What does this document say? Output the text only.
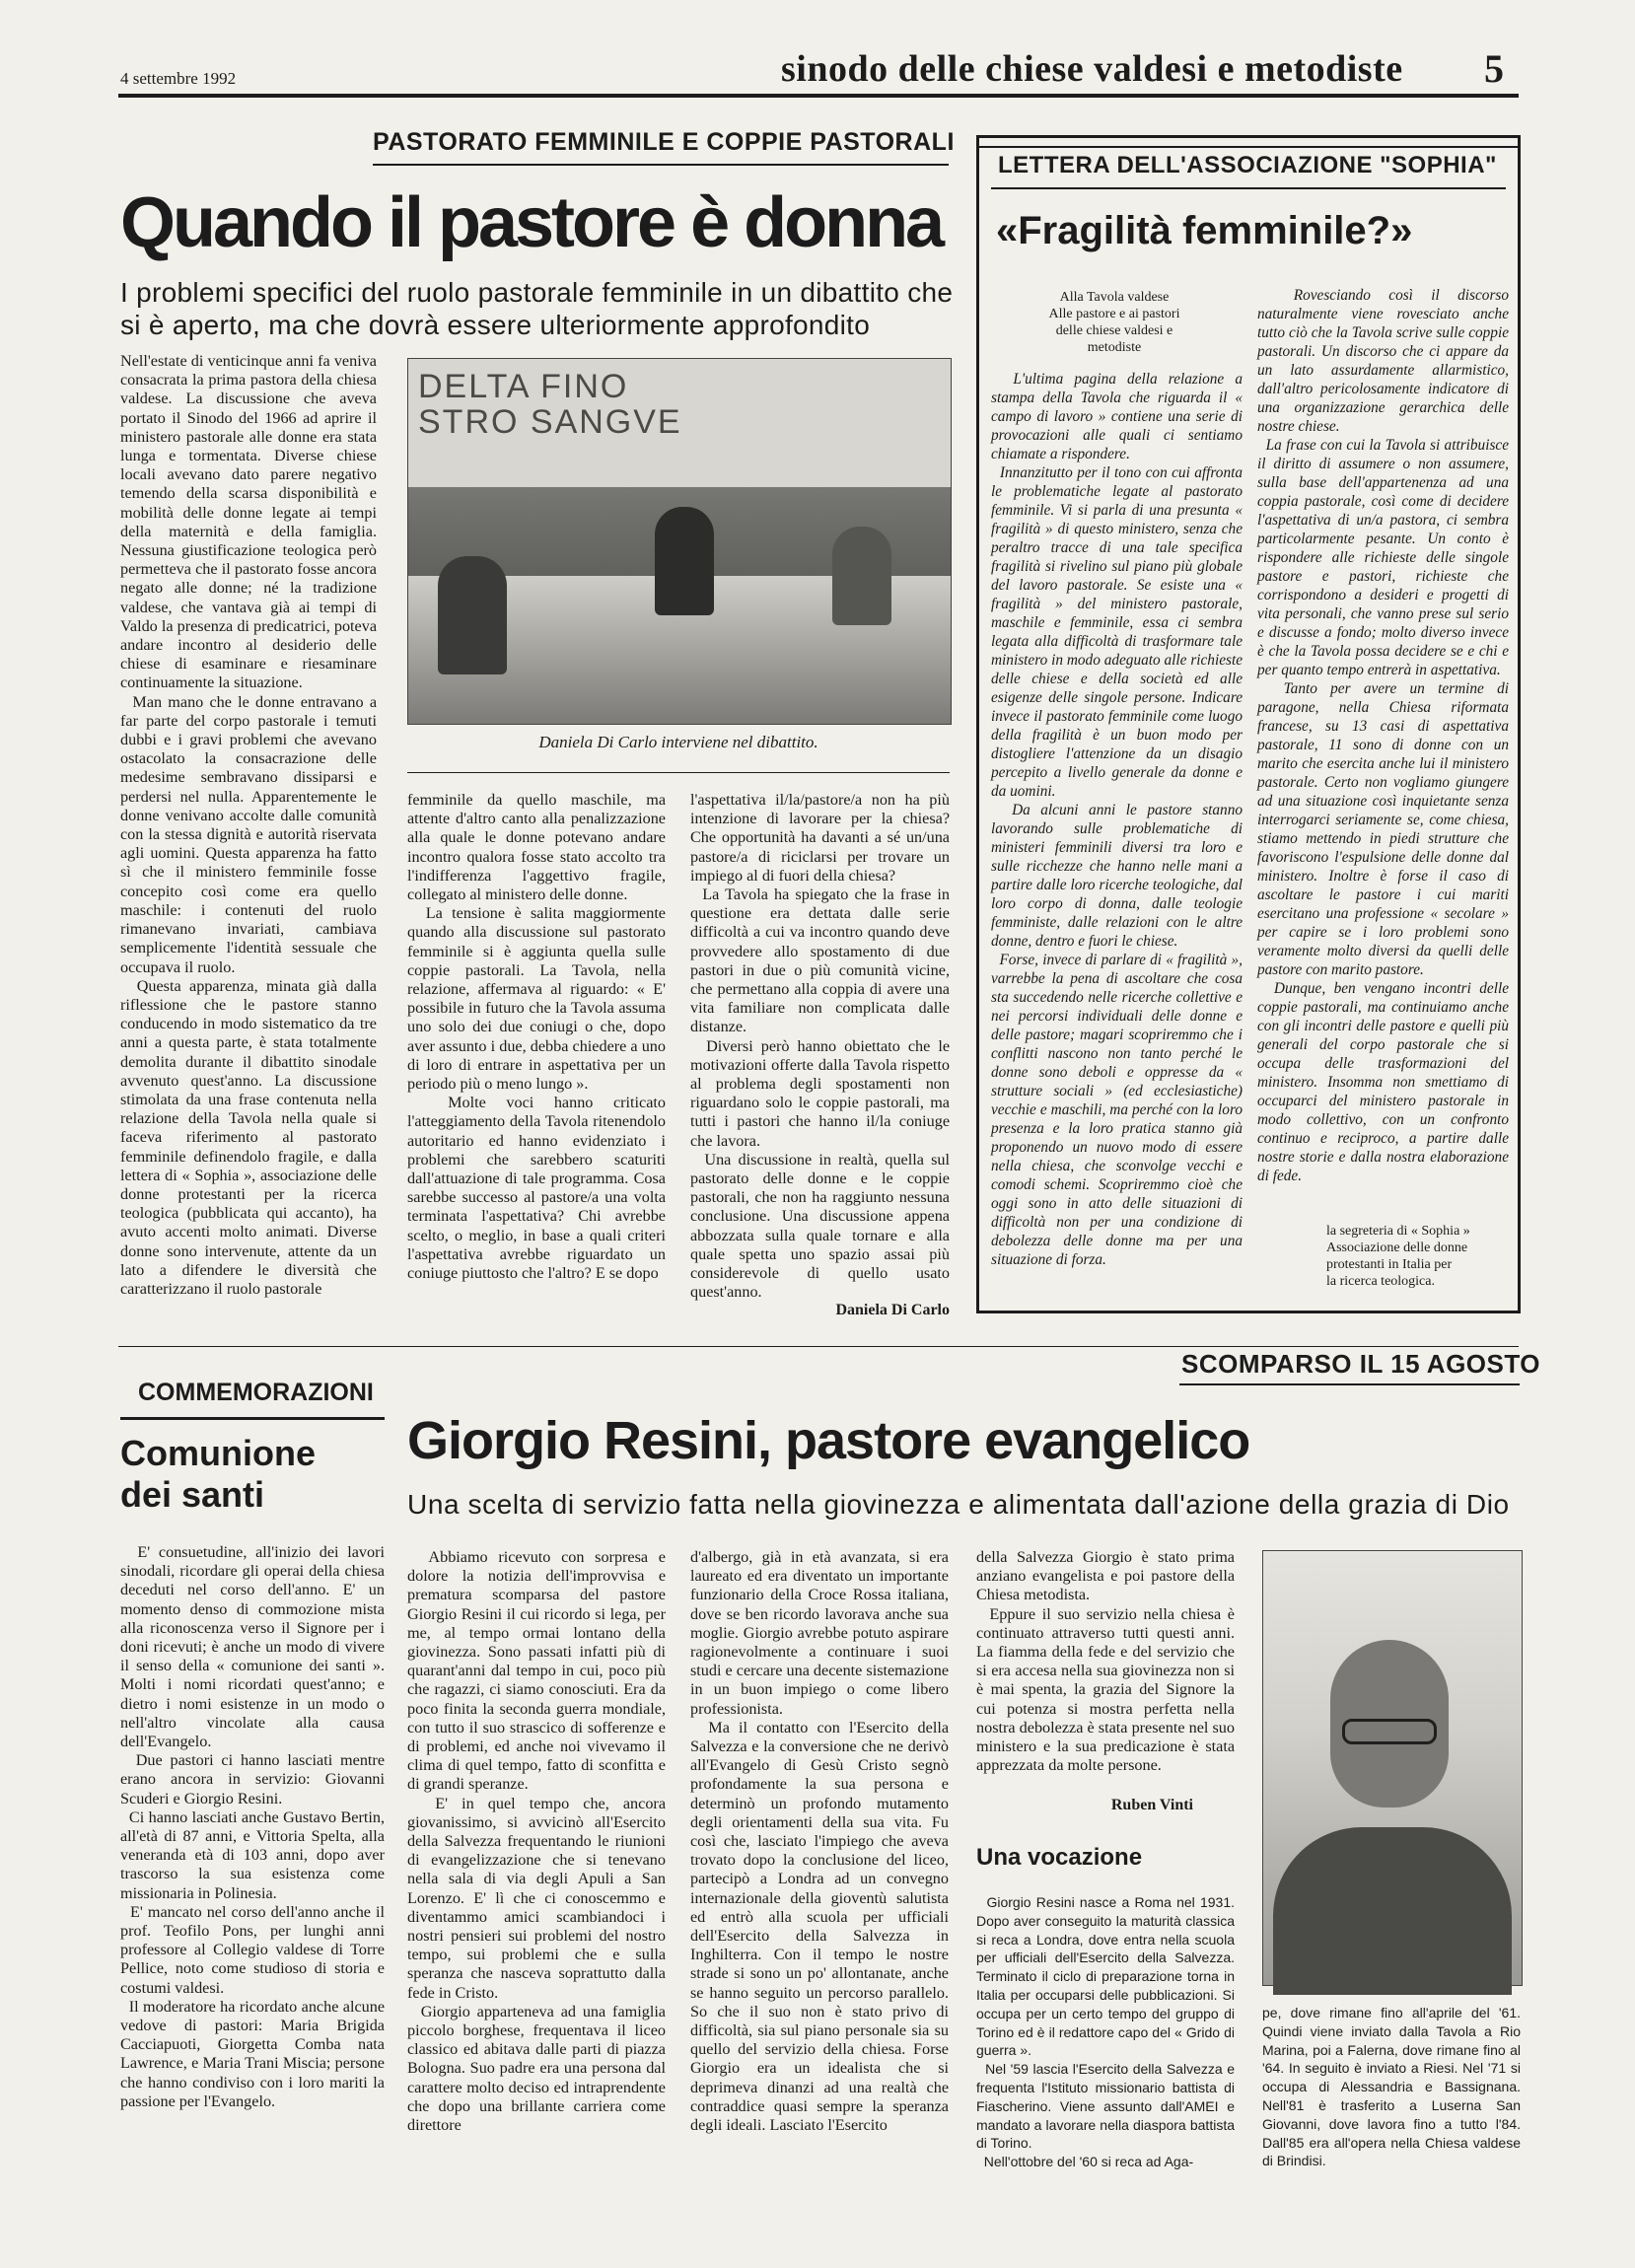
4 settembre 1992	sinodo delle chiese valdesi e metodiste 5
PASTORATO FEMMINILE E COPPIE PASTORALI
Quando il pastore è donna
I problemi specifici del ruolo pastorale femminile in un dibattito che si è aperto, ma che dovrà essere ulteriormente approfondito
Nell'estate di venticinque anni fa veniva consacrata la prima pastora della chiesa valdese. La discussione che aveva portato il Sinodo del 1966 ad aprire il ministero pastorale alle donne era stata lunga e tormentata. Diverse chiese locali avevano dato parere negativo temendo della scarsa disponibilità e mobilità delle donne legate ai tempi della maternità e della famiglia. Nessuna giustificazione teologica però permetteva che il pastorato fosse ancora negato alle donne; né la tradizione valdese, che vantava già ai tempi di Valdo la presenza di predicatrici, poteva andare incontro al desiderio delle chiese di esaminare e riesaminare continuamente la situazione.
Man mano che le donne entravano a far parte del corpo pastorale i temuti dubbi e i gravi problemi che avevano ostacolato la consacrazione delle medesime sembravano dissiparsi e perdersi nel nulla. Apparentemente le donne venivano accolte dalle comunità con la stessa dignità e autorità riservata agli uomini. Questa apparenza ha fatto sì che il ministero femminile fosse concepito così come era quello maschile: i contenuti del ruolo rimanevano invariati, cambiava semplicemente l'identità sessuale che occupava il ruolo.
Questa apparenza, minata già dalla riflessione che le pastore stanno conducendo in modo sistematico da tre anni a questa parte, è stata totalmente demolita durante il dibattito sinodale avvenuto quest'anno. La discussione stimolata da una frase contenuta nella relazione della Tavola nella quale si faceva riferimento al pastorato femminile definendolo fragile, e dalla lettera di « Sophia », associazione delle donne protestanti per la ricerca teologica (pubblicata qui accanto), ha avuto accenti molto animati. Diverse donne sono intervenute, attente da un lato a difendere le diversità che caratterizzano il ruolo pastorale
DELTA FINO
STRO SANGVE
Daniela Di Carlo interviene nel dibattito.
femminile da quello maschile, ma attente d'altro canto alla penalizzazione alla quale le donne potevano andare incontro qualora fosse stato accolto tra l'indifferenza l'aggettivo fragile, collegato al ministero delle donne.
La tensione è salita maggiormente quando alla discussione sul pastorato femminile si è aggiunta quella sulle coppie pastorali. La Tavola, nella relazione, affermava al riguardo: « E' possibile in futuro che la Tavola assuma uno solo dei due coniugi o che, dopo aver assunto i due, debba chiedere a uno di loro di entrare in aspettativa per un periodo più o meno lungo ».
Molte voci hanno criticato l'atteggiamento della Tavola ritenendolo autoritario ed hanno evidenziato i problemi che sarebbero scaturiti dall'attuazione di tale programma. Cosa sarebbe successo al pastore/a una volta terminata l'aspettativa? Chi avrebbe scelto, o meglio, in base a quali criteri l'aspettativa avrebbe riguardato un coniuge piuttosto che l'altro? E se dopo
l'aspettativa il/la/pastore/a non ha più intenzione di lavorare per la chiesa? Che opportunità ha davanti a sé un/una pastore/a di riciclarsi per trovare un impiego al di fuori della chiesa?
La Tavola ha spiegato che la frase in questione era dettata dalle serie difficoltà a cui va incontro quando deve provvedere allo spostamento di due pastori in due o più comunità vicine, che permettano alla coppia di avere una vita familiare non complicata dalle distanze.
Diversi però hanno obiettato che le motivazioni offerte dalla Tavola rispetto al problema degli spostamenti non riguardano solo le coppie pastorali, ma tutti i pastori che hanno il/la coniuge che lavora.
Una discussione in realtà, quella sul pastorato delle donne e le coppie pastorali, che non ha raggiunto nessuna conclusione. Una discussione appena abbozzata sulla quale tornare e alla quale spetta uno spazio assai più considerevole di quello usato quest'anno.
Daniela Di Carlo
LETTERA DELL'ASSOCIAZIONE "SOPHIA"
«Fragilità femminile?»
Alla Tavola valdese
Alle pastore e ai pastori
delle chiese valdesi e
metodiste
L'ultima pagina della relazione a stampa della Tavola che riguarda il « campo di lavoro » contiene una serie di provocazioni alle quali ci sentiamo chiamate a rispondere.
Innanzitutto per il tono con cui affronta le problematiche legate al pastorato femminile. Vi si parla di una presunta « fragilità » di questo ministero, senza che peraltro tracce di una tale specifica fragilità si rivelino sul piano più globale del lavoro pastorale. Se esiste una « fragilità » del ministero pastorale, maschile e femminile, essa ci sembra legata alla difficoltà di trasformare tale ministero in modo adeguato alle richieste delle chiese e della società ed alle esigenze delle singole persone. Indicare invece il pastorato femminile come luogo della fragilità è un buon modo per distogliere l'attenzione da un disagio percepito a livello generale da donne e da uomini.
Da alcuni anni le pastore stanno lavorando sulle problematiche di ministeri femminili diversi tra loro e sulle ricchezze che hanno nelle mani a partire dalle loro ricerche teologiche, dal loro corpo di donna, dalle teologie femministe, dalle relazioni con le altre donne, dentro e fuori le chiese.
Forse, invece di parlare di « fragilità », varrebbe la pena di ascoltare che cosa sta succedendo nelle ricerche collettive e nei percorsi individuali delle donne e delle pastore; magari scopriremmo che i conflitti nascono non tanto perché le donne sono deboli e oppresse da « strutture sociali » (ed ecclesiastiche) vecchie e maschili, ma perché con la loro presenza e la loro pratica stanno già proponendo un nuovo modo di essere nella chiesa, che sconvolge vecchi e comodi schemi. Scopriremmo cioè che oggi sono in atto delle situazioni di difficoltà non per una condizione di debolezza delle donne ma per una situazione di forza.
Rovesciando così il discorso naturalmente viene rovesciato anche tutto ciò che la Tavola scrive sulle coppie pastorali. Un discorso che ci appare da un lato assurdamente allarmistico, dall'altro pericolosamente indicatore di una organizzazione gerarchica delle nostre chiese.
La frase con cui la Tavola si attribuisce il diritto di assumere o non assumere, sulla base dell'appartenenza ad una coppia pastorale, così come di decidere l'aspettativa di un/a pastora, ci sembra particolarmente pesante. Un conto è rispondere alle richieste delle singole pastore e pastori, richieste che corrispondono a desideri e progetti di vita personali, che vanno prese sul serio e discusse a fondo; molto diverso invece è che la Tavola possa decidere se e chi e per quanto tempo entrerà in aspettativa.
Tanto per avere un termine di paragone, nella Chiesa riformata francese, su 13 casi di aspettativa pastorale, 11 sono di donne con un marito che esercita anche lui il ministero pastorale. Certo non vogliamo giungere ad una situazione così inquietante senza interrogarci seriamente se, come chiesa, stiamo mettendo in piedi strutture che favoriscono l'espulsione delle donne dal ministero. Inoltre è forse il caso di ascoltare le pastore i cui mariti esercitano una professione « secolare » per capire se i loro problemi sono veramente molto diversi da quelli delle pastore con marito pastore.
Dunque, ben vengano incontri delle coppie pastorali, ma continuiamo anche con gli incontri delle pastore e quelli più generali del corpo pastorale che si occupa delle trasformazioni del ministero. Insomma non smettiamo di occuparci del ministero pastorale in modo collettivo, con un confronto continuo e reciproco, a partire dalle nostre storie e dalla nostra elaborazione di fede.
la segreteria di « Sophia »
Associazione delle donne
protestanti in Italia per
la ricerca teologica.
COMMEMORAZIONI
Comunione dei santi
E' consuetudine, all'inizio dei lavori sinodali, ricordare gli operai della chiesa deceduti nel corso dell'anno. E' un momento denso di commozione mista alla riconoscenza verso il Signore per i doni ricevuti; è anche un modo di vivere il senso della « comunione dei santi ». Molti i nomi ricordati quest'anno; e dietro i nomi esistenze in un modo o nell'altro vincolate alla causa dell'Evangelo.
Due pastori ci hanno lasciati mentre erano ancora in servizio: Giovanni Scuderi e Giorgio Resini.
Ci hanno lasciati anche Gustavo Bertin, all'età di 87 anni, e Vittoria Spelta, alla veneranda età di 103 anni, dopo aver trascorso la sua esistenza come missionaria in Polinesia.
E' mancato nel corso dell'anno anche il prof. Teofilo Pons, per lunghi anni professore al Collegio valdese di Torre Pellice, noto come studioso di storia e costumi valdesi.
Il moderatore ha ricordato anche alcune vedove di pastori: Maria Brigida Cacciapuoti, Giorgetta Comba nata Lawrence, e Maria Trani Miscia; persone che hanno condiviso con i loro mariti la passione per l'Evangelo.
SCOMPARSO IL 15 AGOSTO
Giorgio Resini, pastore evangelico
Una scelta di servizio fatta nella giovinezza e alimentata dall'azione della grazia di Dio
Abbiamo ricevuto con sorpresa e dolore la notizia dell'improvvisa e prematura scomparsa del pastore Giorgio Resini il cui ricordo si lega, per me, al tempo ormai lontano della giovinezza. Sono passati infatti più di quarant'anni dal tempo in cui, poco più che ragazzi, ci siamo conosciuti. Era da poco finita la seconda guerra mondiale, con tutto il suo strascico di sofferenze e di problemi, ed anche noi vivevamo il clima di quel tempo, fatto di sconfitta e di grandi speranze.
E' in quel tempo che, ancora giovanissimo, si avvicinò all'Esercito della Salvezza frequentando le riunioni di evangelizzazione che si tenevano nella sala di via degli Apuli a San Lorenzo. E' lì che ci conoscemmo e diventammo amici scambiandoci i nostri pensieri sui problemi del nostro tempo, sui problemi che e sulla speranza che nasceva soprattutto dalla fede in Cristo.
Giorgio apparteneva ad una famiglia piccolo borghese, frequentava il liceo classico ed abitava dalle parti di piazza Bologna. Suo padre era una persona dal carattere molto deciso ed intraprendente che dopo una brillante carriera come direttore
d'albergo, già in età avanzata, si era laureato ed era diventato un importante funzionario della Croce Rossa italiana, dove se ben ricordo lavorava anche sua moglie. Giorgio avrebbe potuto aspirare ragionevolmente a continuare i suoi studi e cercare una decente sistemazione in un buon impiego o come libero professionista.
Ma il contatto con l'Esercito della Salvezza e la conversione che ne derivò all'Evangelo di Gesù Cristo segnò profondamente la sua persona e determinò un profondo mutamento degli orientamenti della sua vita. Fu così che, lasciato l'impiego che aveva trovato dopo la conclusione del liceo, partecipò a Londra ad un convegno internazionale della gioventù salutista ed entrò alla scuola per ufficiali dell'Esercito della Salvezza in Inghilterra. Con il tempo le nostre strade si sono un po' allontanate, anche se hanno seguito un percorso parallelo. So che il suo non è stato privo di difficoltà, sia sul piano personale sia su quello del servizio della chiesa. Forse Giorgio era un idealista che si deprimeva dinanzi ad una realtà che contraddice quasi sempre la speranza degli ideali. Lasciato l'Esercito
della Salvezza Giorgio è stato prima anziano evangelista e poi pastore della Chiesa metodista.
Eppure il suo servizio nella chiesa è continuato attraverso tutti questi anni. La fiamma della fede e del servizio che si era accesa nella sua giovinezza non si è mai spenta, la grazia del Signore la cui potenza si mostra perfetta nella nostra debolezza è stata presente nel suo ministero e la sua predicazione è stata apprezzata da molte persone.
Ruben Vinti
Una vocazione
Giorgio Resini nasce a Roma nel 1931. Dopo aver conseguito la maturità classica si reca a Londra, dove entra nella scuola per ufficiali dell'Esercito della Salvezza. Terminato il ciclo di preparazione torna in Italia per occuparsi delle pubblicazioni. Si occupa per un certo tempo del gruppo di Torino ed è il redattore capo del « Grido di guerra ».
Nel '59 lascia l'Esercito della Salvezza e frequenta l'Istituto missionario battista di Fiascherino. Viene assunto dall'AMEI e mandato a lavorare nella diaspora battista di Torino.
Nell'ottobre del '60 si reca ad Aga-
pe, dove rimane fino all'aprile del '61. Quindi viene inviato dalla Tavola a Rio Marina, poi a Falerna, dove rimane fino al '64. In seguito è inviato a Riesi. Nel '71 si occupa di Alessandria e Bassignana. Nell'81 è trasferito a Luserna San Giovanni, dove lavora fino a tutto l'84. Dall'85 era all'opera nella Chiesa valdese di Brindisi.
